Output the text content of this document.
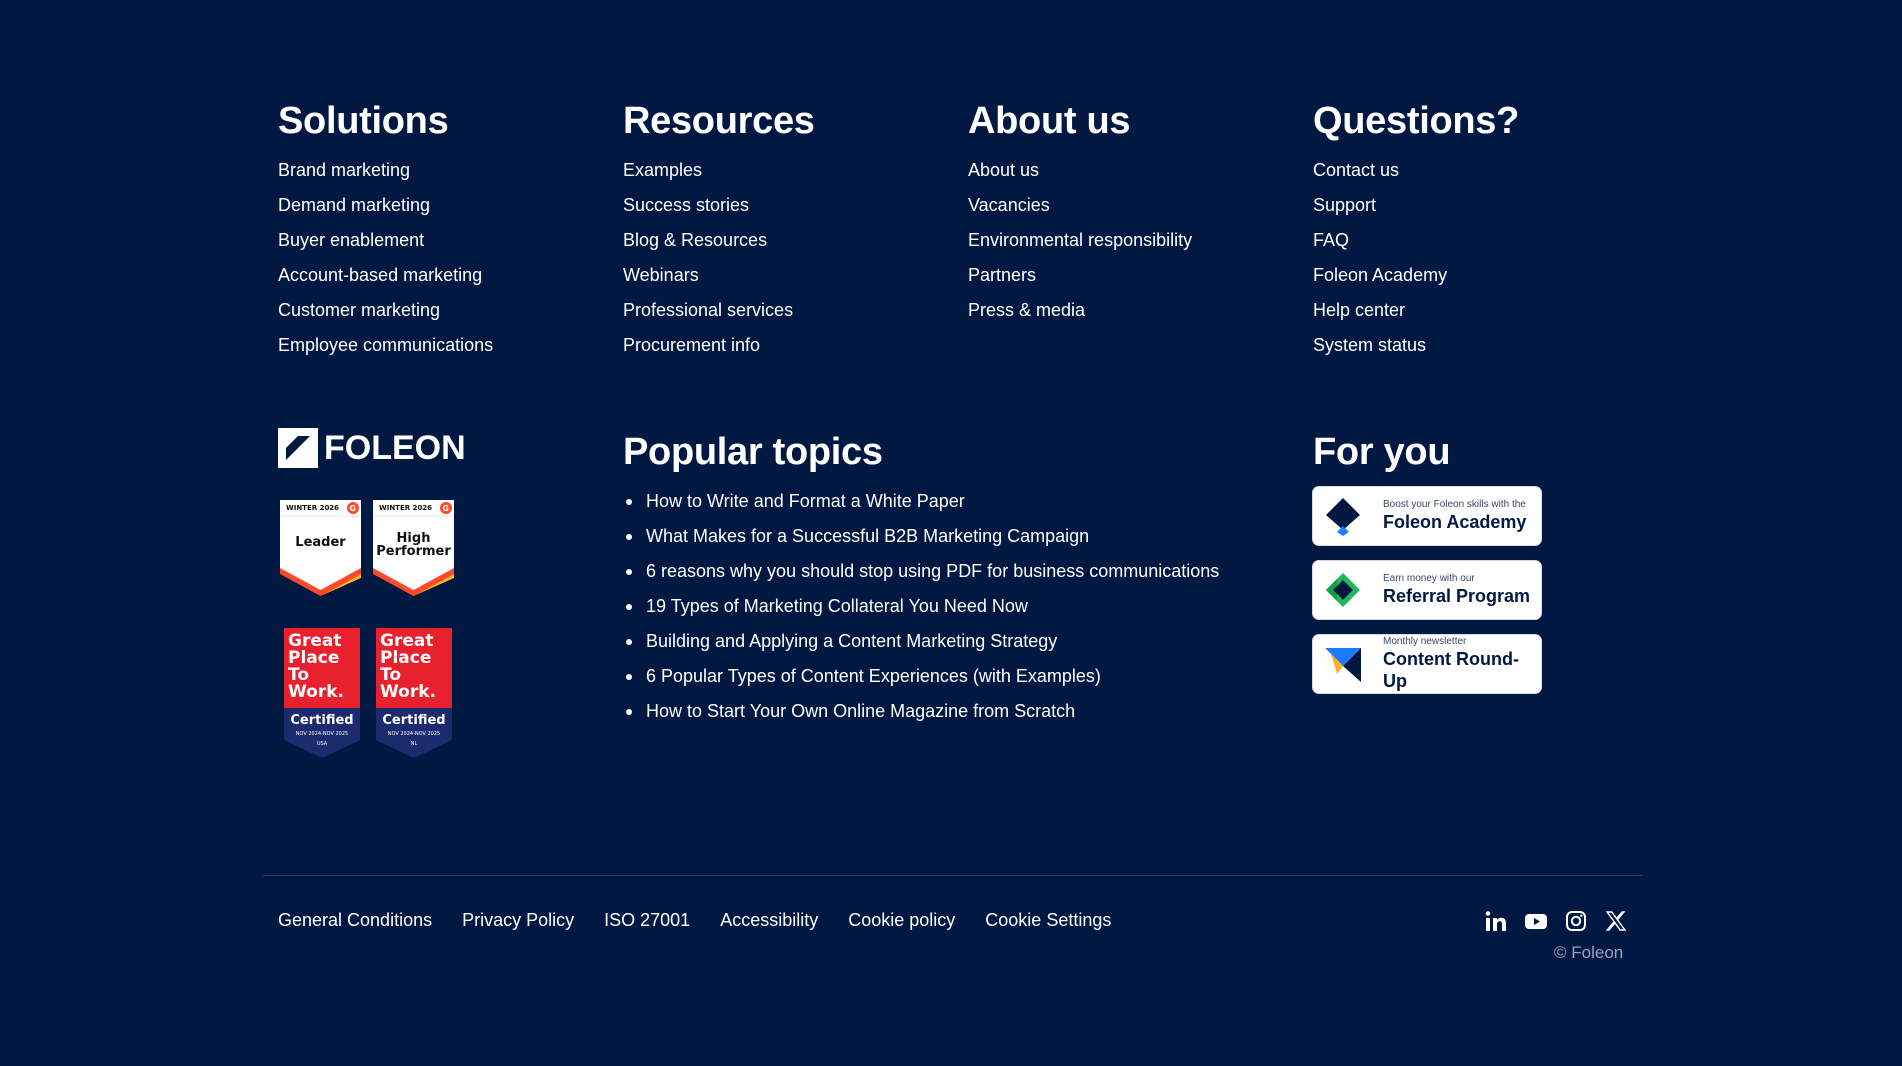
Solutions
Brand marketing
Demand marketing
Buyer enablement
Account-based marketing
Customer marketing
Employee communications
Resources
Examples
Success stories
Blog & Resources
Webinars
Professional services
Procurement info
About us
About us
Vacancies
Environmental responsibility
Partners
Press & media
Questions?
Contact us
Support
FAQ
Foleon Academy
Help center
System status
FOLEON
G
WINTER 2026
Leader
G
WINTER 2026
High Performer
Great
Place
To
Work.
Certified
NOV 2024-NOV 2025
USA
Great
Place
To
Work.
Certified
NOV 2024-NOV 2025
NL
Popular topics
How to Write and Format a White Paper
What Makes for a Successful B2B Marketing Campaign
6 reasons why you should stop using PDF for business communications
19 Types of Marketing Collateral You Need Now
Building and Applying a Content Marketing Strategy
6 Popular Types of Content Experiences (with Examples)
How to Start Your Own Online Magazine from Scratch
For you
Boost your Foleon skills with the
Foleon Academy
Earn money with our
Referral Program
Monthly newsletter
Content Round-Up
General Conditions Privacy Policy ISO 27001 Accessibility Cookie policy Cookie Settings
© Foleon
